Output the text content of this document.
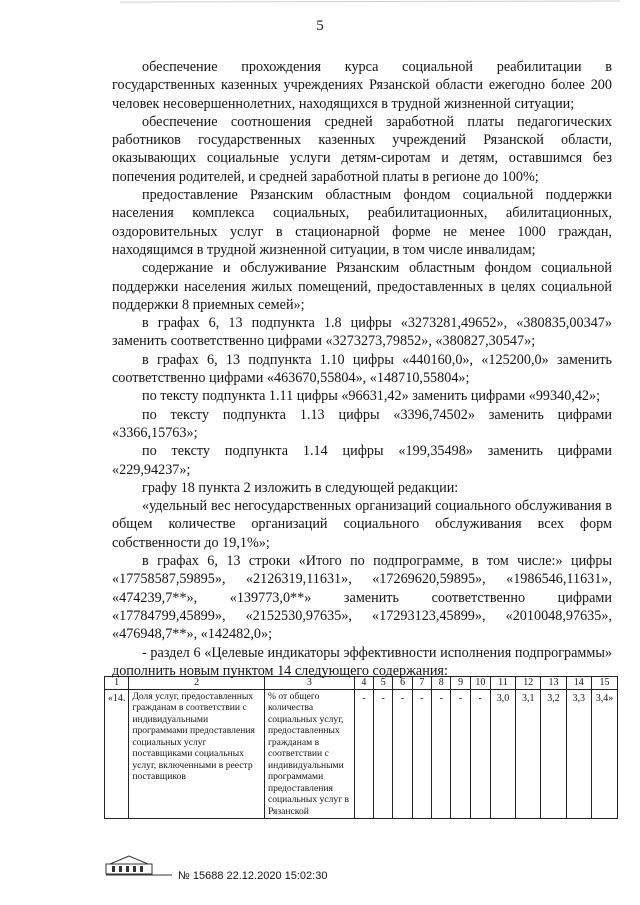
5

обеспечение прохождения курса социальной реабилитации в государственных казенных учреждениях Рязанской области ежегодно более 200 человек несовершеннолетних, находящихся в трудной жизненной ситуации;

обеспечение соотношения средней заработной платы педагогических работников государственных казенных учреждений Рязанской области, оказывающих социальные услуги детям-сиротам и детям, оставшимся без попечения родителей, и средней заработной платы в регионе до 100%;

предоставление Рязанским областным фондом социальной поддержки населения комплекса социальных, реабилитационных, абилитационных, оздоровительных услуг в стационарной форме не менее 1000 граждан, находящимся в трудной жизненной ситуации, в том числе инвалидам;

содержание и обслуживание Рязанским областным фондом социальной поддержки населения жилых помещений, предоставленных в целях социальной поддержки 8 приемных семей»;

в графах 6, 13 подпункта 1.8 цифры «3273281,49652», «380835,00347» заменить соответственно цифрами «3273273,79852», «380827,30547»;

в графах 6, 13 подпункта 1.10 цифры «440160,0», «125200,0» заменить соответственно цифрами «463670,55804», «148710,55804»;

по тексту подпункта 1.11 цифры «96631,42» заменить цифрами «99340,42»;

по тексту подпункта 1.13 цифры «3396,74502» заменить цифрами «3366,15763»;

по тексту подпункта 1.14 цифры «199,35498» заменить цифрами «229,94237»;

графу 18 пункта 2 изложить в следующей редакции:

«удельный вес негосударственных организаций социального обслуживания в общем количестве организаций социального обслуживания всех форм собственности до 19,1%»;

в графах 6, 13 строки «Итого по подпрограмме, в том числе:» цифры «17758587,59895», «2126319,11631», «17269620,59895», «1986546,11631», «474239,7**», «139773,0**» заменить соответственно цифрами «17784799,45899», «2152530,97635», «17293123,45899», «2010048,97635», «476948,7**», «142482,0»;

- раздел 6 «Целевые индикаторы эффективности исполнения подпрограммы» дополнить новым пунктом 14 следующего содержания:

1	2	3	4	5	6	7	8	9	10	11	12	13	14	15
«14.	Доля услуг, предоставленных гражданам в соответствии с индивидуальными программами предоставления социальных услуг поставщиками социальных услуг, включенными в реестр поставщиков	% от общего количества социальных услуг, предоставленных гражданам в соответствии с индивидуальными программами предоставления социальных услуг в Рязанской	-	-	-	-	-	-	-	3,0	3,1	3,2	3,3	3,4»
№ 15688 22.12.2020 15:02:30
